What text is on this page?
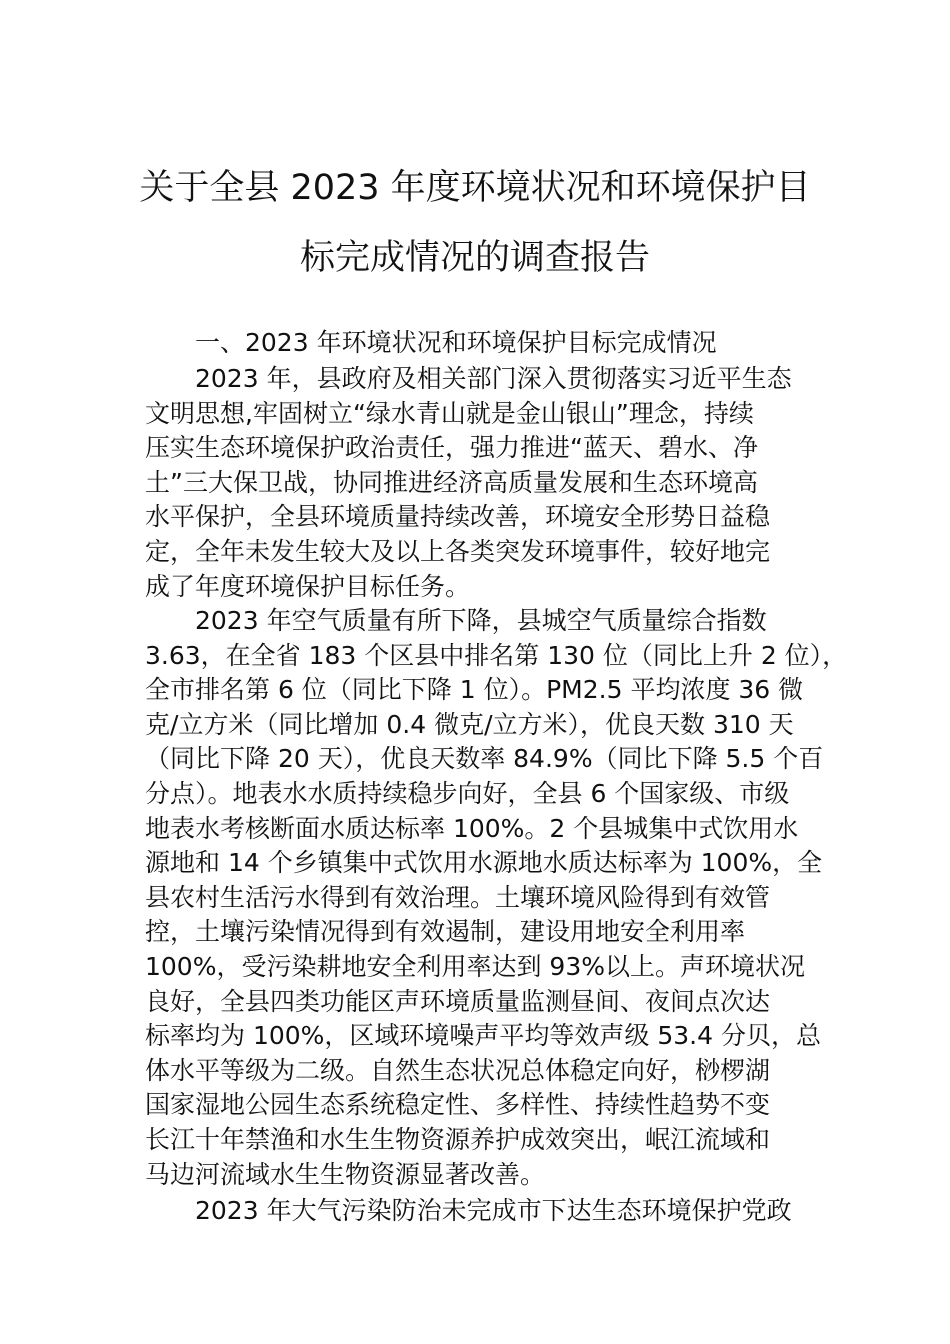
关于全县 2023 年度环境状况和环境保护目
标完成情况的调查报告
一、2023 年环境状况和环境保护目标完成情况
2023 年，县政府及相关部门深入贯彻落实习近平生态
文明思想,牢固树立“绿水青山就是金山银山”理念，持续
压实生态环境保护政治责任，强力推进“蓝天、碧水、净
土”三大保卫战，协同推进经济高质量发展和生态环境高
水平保护，全县环境质量持续改善，环境安全形势日益稳
定，全年未发生较大及以上各类突发环境事件，较好地完
成了年度环境保护目标任务。
2023 年空气质量有所下降，县城空气质量综合指数
3.63，在全省 183 个区县中排名第 130 位（同比上升 2 位），
全市排名第 6 位（同比下降 1 位）。PM2.5 平均浓度 36 微
克/立方米（同比增加 0.4 微克/立方米），优良天数 310 天
（同比下降 20 天），优良天数率 84.9%（同比下降 5.5 个百
分点）。地表水水质持续稳步向好，全县 6 个国家级、市级
地表水考核断面水质达标率 100%。2 个县城集中式饮用水
源地和 14 个乡镇集中式饮用水源地水质达标率为 100%，全
县农村生活污水得到有效治理。土壤环境风险得到有效管
控，土壤污染情况得到有效遏制，建设用地安全利用率
100%，受污染耕地安全利用率达到 93%以上。声环境状况
良好，全县四类功能区声环境质量监测昼间、夜间点次达
标率均为 100%，区域环境噪声平均等效声级 53.4 分贝，总
体水平等级为二级。自然生态状况总体稳定向好，桫椤湖
国家湿地公园生态系统稳定性、多样性、持续性趋势不变
长江十年禁渔和水生生物资源养护成效突出，岷江流域和
马边河流域水生生物资源显著改善。
2023 年大气污染防治未完成市下达生态环境保护党政
